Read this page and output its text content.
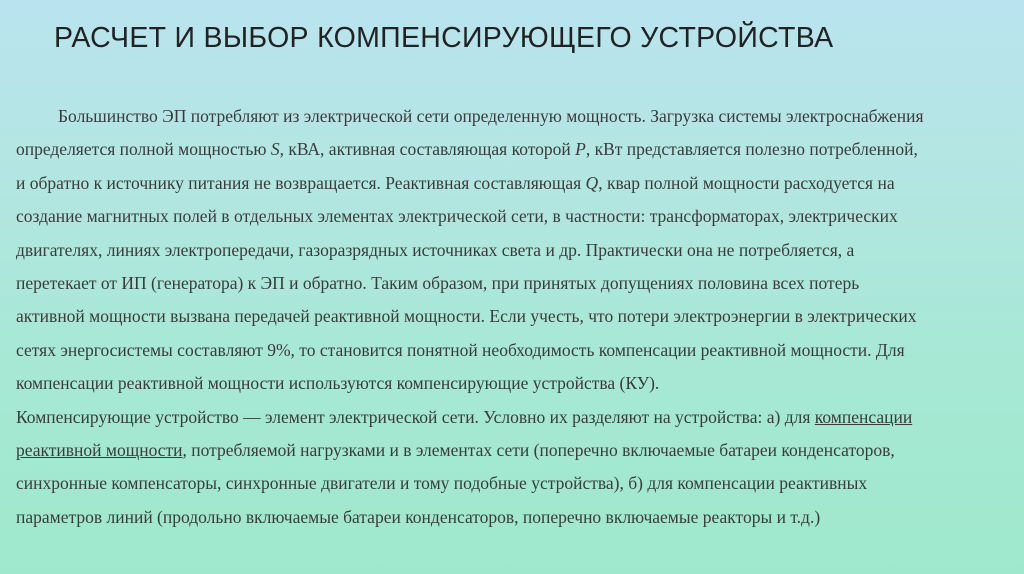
РАСЧЕТ И ВЫБОР КОМПЕНСИРУЮЩЕГО УСТРОЙСТВА
Большинство ЭП потребляют из электрической сети определенную мощность. Загрузка системы электроснабжения
определяется полной мощностью S, кВА, активная составляющая которой P, кВт представляется полезно потребленной,
и обратно к источнику питания не возвращается. Реактивная составляющая Q, квар полной мощности расходуется на
создание магнитных полей в отдельных элементах электрической сети, в частности: трансформаторах, электрических
двигателях, линиях электропередачи, газоразрядных источниках света и др. Практически она не потребляется, а
перетекает от ИП (генератора) к ЭП и обратно. Таким образом, при принятых допущениях половина всех потерь
активной мощности вызвана передачей реактивной мощности. Если учесть, что потери электроэнергии в электрических
сетях энергосистемы составляют 9%, то становится понятной необходимость компенсации реактивной мощности. Для
компенсации реактивной мощности используются компенсирующие устройства (КУ).
Компенсирующие устройство — элемент электрической сети. Условно их разделяют на устройства: а) для компенсации
реактивной мощности, потребляемой нагрузками и в элементах сети (поперечно включаемые батареи конденсаторов,
синхронные компенсаторы, синхронные двигатели и тому подобные устройства), б) для компенсации реактивных
параметров линий (продольно включаемые батареи конденсаторов, поперечно включаемые реакторы и т.д.)
